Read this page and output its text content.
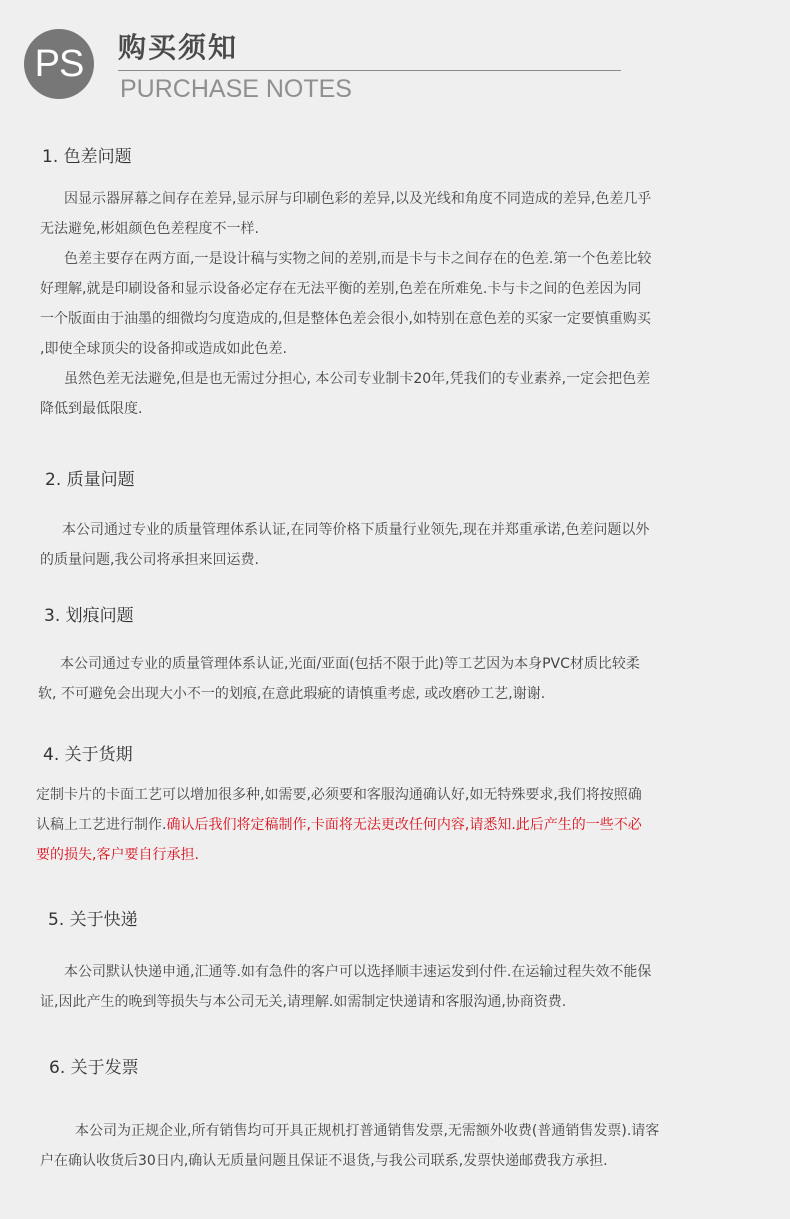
PS	购买须知
PURCHASE NOTES
1. 色差问题
因显示器屏幕之间存在差异,显示屏与印刷色彩的差异,以及光线和角度不同造成的差异,色差几乎
无法避免,彬姐颜色色差程度不一样.
色差主要存在两方面,一是设计稿与实物之间的差别,而是卡与卡之间存在的色差.第一个色差比较
好理解,就是印刷设备和显示设备必定存在无法平衡的差别,色差在所难免.卡与卡之间的色差因为同
一个版面由于油墨的细微均匀度造成的,但是整体色差会很小,如特别在意色差的买家一定要慎重购买
,即使全球顶尖的设备抑或造成如此色差.
虽然色差无法避免,但是也无需过分担心, 本公司专业制卡20年,凭我们的专业素养,一定会把色差
降低到最低限度.
2. 质量问题
本公司通过专业的质量管理体系认证,在同等价格下质量行业领先,现在并郑重承诺,色差问题以外
的质量问题,我公司将承担来回运费.
3. 划痕问题
本公司通过专业的质量管理体系认证,光面/亚面(包括不限于此)等工艺因为本身PVC材质比较柔
软, 不可避免会出现大小不一的划痕,在意此瑕疵的请慎重考虑, 或改磨砂工艺,谢谢.
4. 关于货期
定制卡片的卡面工艺可以增加很多种,如需要,必须要和客服沟通确认好,如无特殊要求,我们将按照确
认稿上工艺进行制作.确认后我们将定稿制作,卡面将无法更改任何内容,请悉知.此后产生的一些不必
要的损失,客户要自行承担.
5. 关于快递
本公司默认快递申通,汇通等.如有急件的客户可以选择顺丰速运发到付件.在运输过程失效不能保
证,因此产生的晚到等损失与本公司无关,请理解.如需制定快递请和客服沟通,协商资费.
6. 关于发票
本公司为正规企业,所有销售均可开具正规机打普通销售发票,无需额外收费(普通销售发票).请客
户在确认收货后30日内,确认无质量问题且保证不退货,与我公司联系,发票快递邮费我方承担.
